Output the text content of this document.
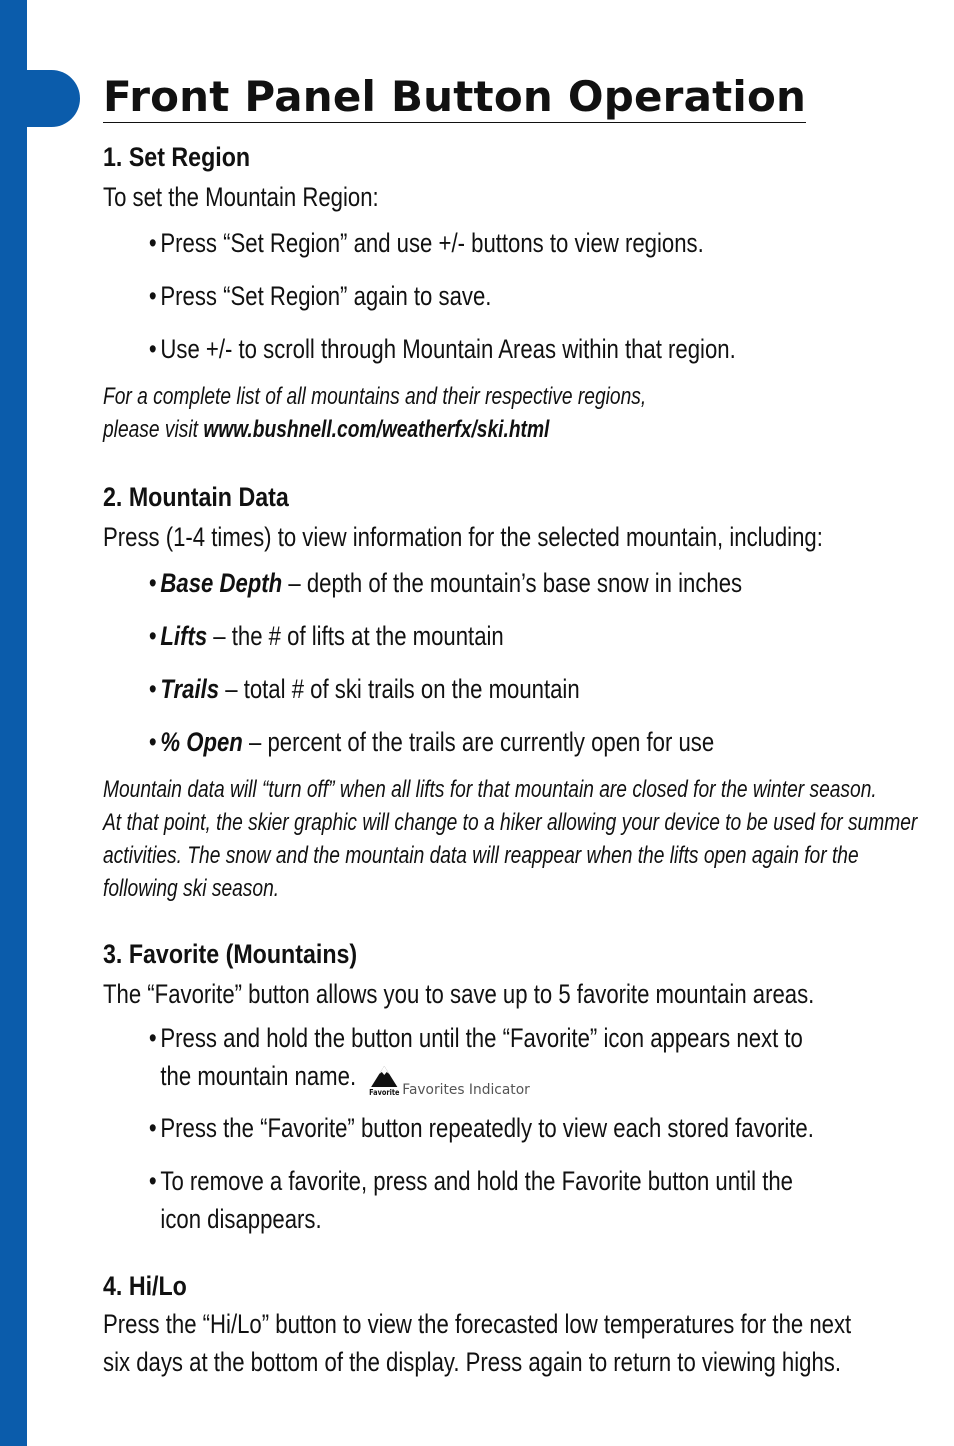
Front Panel Button Operation
1. Set Region

To set the Mountain Region:

• Press “Set Region” and use +/- buttons to view regions.

• Press “Set Region” again to save.

• Use +/- to scroll through Mountain Areas within that region.

For a complete list of all mountains and their respective regions,

please visit www.bushnell.com/weatherfx/ski.html

2. Mountain Data

Press (1-4 times) to view information for the selected mountain, including:

• Base Depth – depth of the mountain’s base snow in inches

• Lifts – the # of lifts at the mountain

• Trails – total # of ski trails on the mountain

• % Open – percent of the trails are currently open for use

Mountain data will “turn off” when all lifts for that mountain are closed for the winter season.

At that point, the skier graphic will change to a hiker allowing your device to be used for summer

activities. The snow and the mountain data will reappear when the lifts open again for the

following ski season.

3. Favorite (Mountains)

The “Favorite” button allows you to save up to 5 favorite mountain areas.

• Press and hold the button until the “Favorite” icon appears next to
the mountain name.
Favorite Favorites Indicator

• Press the “Favorite” button repeatedly to view each stored favorite.

• To remove a favorite, press and hold the Favorite button until the
icon disappears.

4. Hi/Lo

Press the “Hi/Lo” button to view the forecasted low temperatures for the next

six days at the bottom of the display. Press again to return to viewing highs.
